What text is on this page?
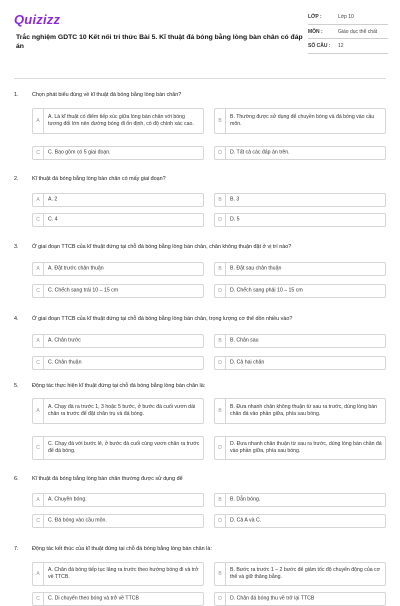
Quizizz
Trắc nghiệm GDTC 10 Kết nối tri thức Bài 5. Kĩ thuật đá bóng bằng lòng bàn chân có đáp án
LỚP :	Lớp 10
MÔN :	Giáo dục thể chất
SỐ CÂU :	12
1.	Chọn phát biểu đúng về kĩ thuật đá bóng bằng lòng bàn chân?
A
A. Là kĩ thuật có điểm tiếp xúc giữa lòng bàn chân với bóng tương đối lớn nên đường bóng đi ổn định, có độ chính xác cao.	B
B. Thường được sử dụng để chuyền bóng và đá bóng vào cầu môn.
C	C. Bao gồm có 5 giai đoạn.	D	D. Tất cả các đáp án trên.
2.	Kĩ thuật đá bóng bằng lòng bàn chân có mấy giai đoạn?
A	A. 2	B	B. 3
C	C. 4	D	D. 5
3.	Ở giai đoạn TTCB của kĩ thuật đứng tại chỗ đá bóng bằng lòng bàn chân, chân không thuận đặt ở vị trí nào?
A	A. Đặt trước chân thuận	B	B. Đặt sau chân thuận
C	C. Chếch sang trái 10 – 15 cm	D	D. Chếch sang phải 10 – 15 cm
4.	Ở giai đoạn TTCB của kĩ thuật đứng tại chỗ đá bóng bằng lòng bàn chân, trọng lượng cơ thể dồn nhiều vào?
A	A. Chân trước	B	B. Chân sau
C	C. Chân thuận	D	D. Cả hai chân
5.	Động tác thực hiện kĩ thuật đứng tại chỗ đá bóng bằng lòng bàn chân là:
A
A. Chạy đà ra trước 1, 3 hoặc 5 bước, ở bước đà cuối vươn dài chân ra trước để đặt chân trụ và đá bóng.	B
B. Đưa nhanh chân không thuận từ sau ra trước, dùng lòng bàn chân đá vào phần giữa, phía sau bóng.
C
C. Chạy đà với bước lẻ, ở bước đà cuối cùng vươn chân ra trước để đá bóng.	D
D. Đưa nhanh chân thuận từ sau ra trước, dùng lòng bàn chân đá vào phần giữa, phía sau bóng.
6.	Kĩ thuật đá bóng bằng lòng bàn chân thường được sử dụng để
A	A. Chuyền bóng.	B	B. Dẫn bóng.
C	C. Đá bóng vào cầu môn.	D	D. Cả A và C.
7.	Động tác kết thúc của kĩ thuật đứng tại chỗ đá bóng bằng lòng bàn chân là:
A
A. Chân đá bóng tiếp tục lăng ra trước theo hướng bóng đi và trở về TTCB.	B
B. Bước ra trước 1 – 2 bước để giảm tốc độ chuyển động của cơ thể và giữ thăng bằng.
C	C. Di chuyển theo bóng và trở về TTCB	D	D. Chân đá bóng thu về trở lại TTCB
